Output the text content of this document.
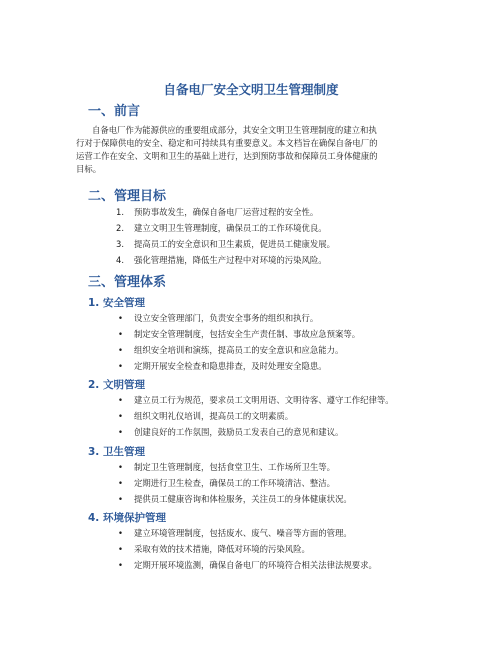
自备电厂安全文明卫生管理制度
一、前言
自备电厂作为能源供应的重要组成部分，其安全文明卫生管理制度的建立和执
行对于保障供电的安全、稳定和可持续具有重要意义。本文档旨在确保自备电厂的
运营工作在安全、文明和卫生的基础上进行，达到预防事故和保障员工身体健康的
目标。
二、管理目标
1. 预防事故发生，确保自备电厂运营过程的安全性。
2. 建立文明卫生管理制度，确保员工的工作环境优良。
3. 提高员工的安全意识和卫生素质，促进员工健康发展。
4. 强化管理措施，降低生产过程中对环境的污染风险。
三、管理体系
1. 安全管理
• 设立安全管理部门，负责安全事务的组织和执行。
• 制定安全管理制度，包括安全生产责任制、事故应急预案等。
• 组织安全培训和演练，提高员工的安全意识和应急能力。
• 定期开展安全检查和隐患排查，及时处理安全隐患。
2. 文明管理
• 建立员工行为规范，要求员工文明用语、文明待客、遵守工作纪律等。
• 组织文明礼仪培训，提高员工的文明素质。
• 创建良好的工作氛围，鼓励员工发表自己的意见和建议。
3. 卫生管理
• 制定卫生管理制度，包括食堂卫生、工作场所卫生等。
• 定期进行卫生检查，确保员工的工作环境清洁、整洁。
• 提供员工健康咨询和体检服务，关注员工的身体健康状况。
4. 环境保护管理
• 建立环境管理制度，包括废水、废气、噪音等方面的管理。
• 采取有效的技术措施，降低对环境的污染风险。
• 定期开展环境监测，确保自备电厂的环境符合相关法律法规要求。
